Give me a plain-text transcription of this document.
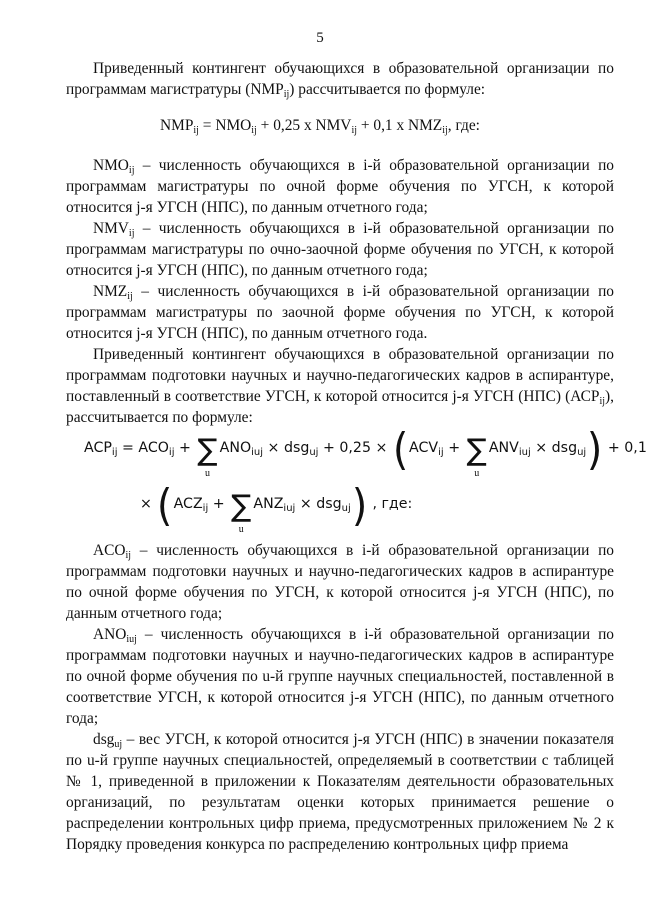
5

Приведенный контингент обучающихся в образовательной организации по программам магистратуры $(NMP_{ij})$ рассчитывается по формуле:

$NMP_{ij} = NMO_{ij} + 0,25$ x $NMV_{ij} + 0,1$ x $NMZ_{ij}$, где:

$NMO_{ij}$ – численность обучающихся в i-й образовательной организации по программам магистратуры по очной форме обучения по УГСН, к которой относится j-я УГСН (НПС), по данным отчетного года;

$NMV_{ij}$ – численность обучающихся в i-й образовательной организации по программам магистратуры по очно-заочной форме обучения по УГСН, к которой относится j-я УГСН (НПС), по данным отчетного года;

$NMZ_{ij}$ – численность обучающихся в i-й образовательной организации по программам магистратуры по заочной форме обучения по УГСН, к которой относится j-я УГСН (НПС), по данным отчетного года.

Приведенный контингент обучающихся в образовательной организации по программам подготовки научных и научно-педагогических кадров в аспирантуре, поставленный в соответствие УГСН, к которой относится j-я УГСН (НПС) $(АСР_{ij})$, рассчитывается по формуле:

$ACP_{ij} = ACO_{ij}$ + ∑
u
$ANO_{iuj} \times dsg_{uj} + 0,25 \times (ACV_{ij}$ + ∑
u
$ANV_{iuj} \times dsg_{uj}) + 0,1$
× ($ACZ_{ij}$ + ∑
u
$ANZ_{iuj} \times dsg_{uj}$) , где:

$ACO_{ij}$ – численность обучающихся в i-й образовательной организации по программам подготовки научных и научно-педагогических кадров в аспирантуре по очной форме обучения по УГСН, к которой относится j-я УГСН (НПС), по данным отчетного года;

$ANO_{iuj}$ – численность обучающихся в i-й образовательной организации по программам подготовки научных и научно-педагогических кадров в аспирантуре по очной форме обучения по u-й группе научных специальностей, поставленной в соответствие УГСН, к которой относится j-я УГСН (НПС), по данным отчетного года;

dsg$_{uj}$ – вес УГСН, к которой относится j-я УГСН (НПС) в значении показателя по u-й группе научных специальностей, определяемый в соответствии с таблицей № 1, приведенной в приложении к Показателям деятельности образовательных организаций, по результатам оценки которых принимается решение о распределении контрольных цифр приема, предусмотренных приложением № 2 к Порядку проведения конкурса по распределению контрольных цифр приема
